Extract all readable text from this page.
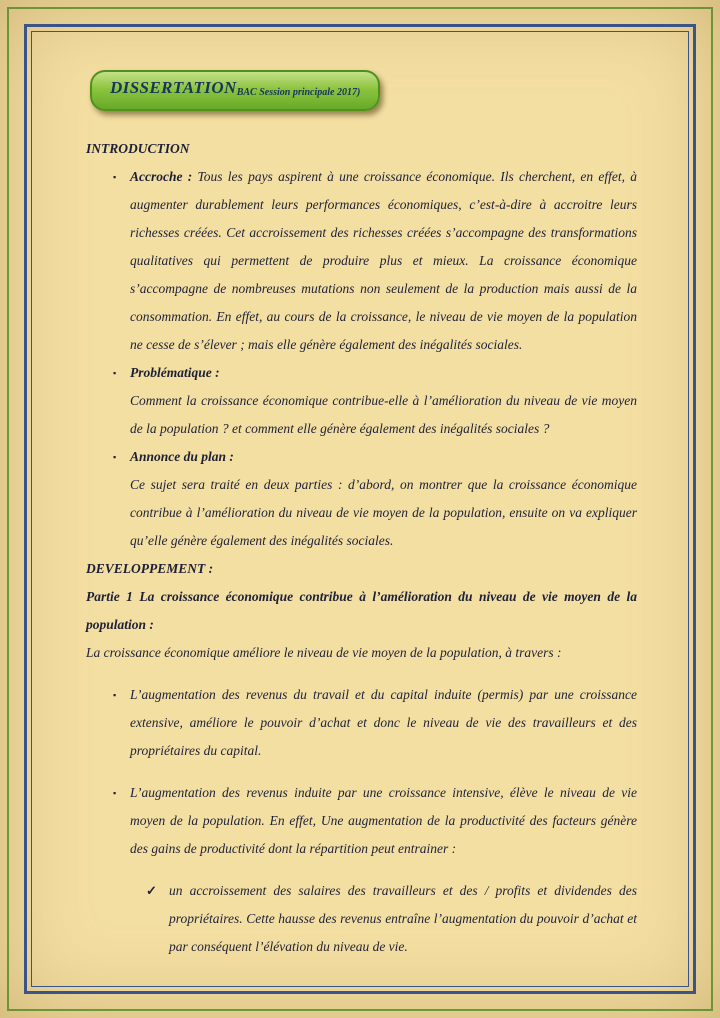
DISSERTATIONBAC Session principale 2017)
INTRODUCTION
▪	Accroche : Tous les pays aspirent à une croissance économique. Ils cherchent, en effet, à augmenter durablement leurs performances économiques, c’est-à-dire à accroitre leurs richesses créées. Cet accroissement des richesses créées s’accompagne des transformations qualitatives qui permettent de produire plus et mieux. La croissance économique s’accompagne de nombreuses mutations non seulement de la production mais aussi de la consommation. En effet, au cours de la croissance, le niveau de vie moyen de la population ne cesse de s’élever ; mais elle génère également des inégalités sociales.
▪	Problématique :
Comment la croissance économique contribue-elle à l’amélioration du niveau de vie moyen de la population ? et comment elle génère également des inégalités sociales ?
▪	Annonce du plan :
Ce sujet sera traité en deux parties : d’abord, on montrer que la croissance économique contribue à l’amélioration du niveau de vie moyen de la population, ensuite on va expliquer qu’elle génère également des inégalités sociales.
DEVELOPPEMENT :
Partie 1 La croissance économique contribue à l’amélioration du niveau de vie moyen de la population :
La croissance économique améliore le niveau de vie moyen de la population, à travers :
▪	L’augmentation des revenus du travail et du capital induite (permis) par une croissance extensive, améliore le pouvoir d’achat et donc le niveau de vie des travailleurs et des propriétaires du capital.
▪	L’augmentation des revenus induite par une croissance intensive, élève le niveau de vie moyen de la population. En effet, Une augmentation de la productivité des facteurs génère des gains de productivité dont la répartition peut entrainer :
✓ un accroissement des salaires des travailleurs et des / profits et dividendes des propriétaires. Cette hausse des revenus entraîne l’augmentation du pouvoir d’achat et par conséquent l’élévation du niveau de vie.
